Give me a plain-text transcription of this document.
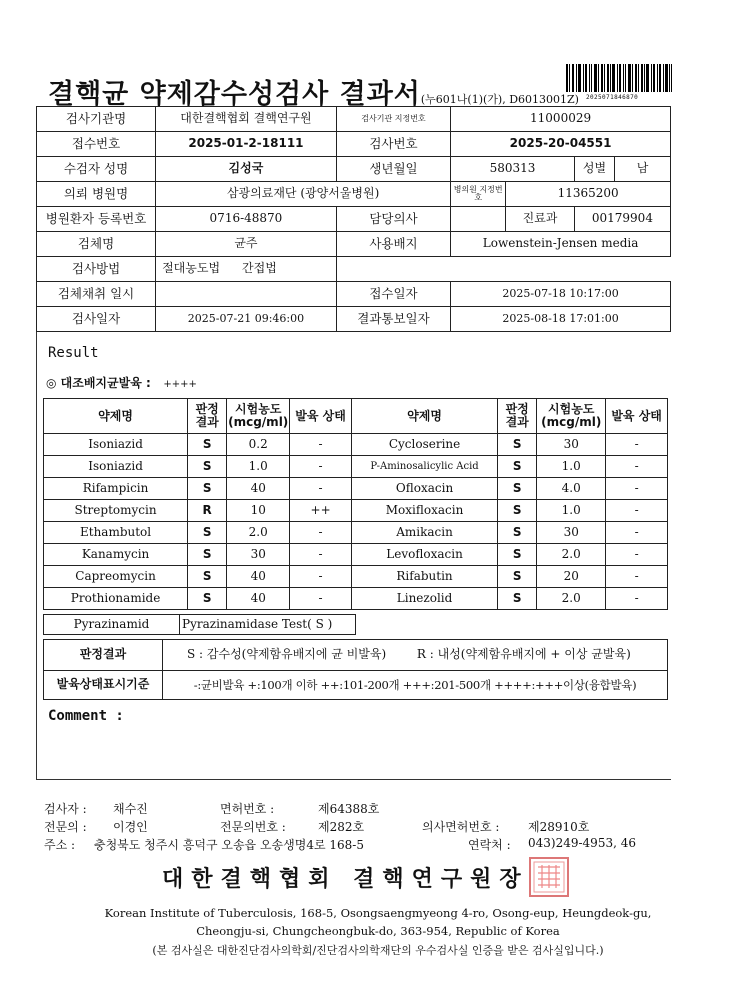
결핵균 약제감수성검사 결과서(누601나(1)(가), D6013001Z) 2025071846870
검사기관명	대한결핵협회 결핵연구원	검사기관 지정번호	11000029			
접수번호	2025-01-2-18111	검사번호	2025-20-04551			
수검자 성명	김성국	생년월일	580313		성별	남
의뢰 병원명	삼광의료재단 (광양서울병원)		병의원 지정번호	11365200		
병원환자 등록번호	0716-48870	담당의사		진료과	00179904	
검체명	균주	사용배지	Lowenstein-Jensen media			
검사방법	절대농도법 간접법					
검체채취 일시		접수일자	2025-07-18 10:17:00			
검사일자	2025-07-21 09:46:00	결과통보일자	2025-08-18 17:01:00			
Result
◎ 대조배지균발육 : ++++
약제명	판정 결과	시험농도 (mcg/ml)	발육 상태	약제명	판정 결과	시험농도 (mcg/ml)	발육 상태
Isoniazid	S	0.2	-	Cycloserine	S	30	-
Isoniazid	S	1.0	-	P-Aminosalicylic Acid	S	1.0	-
Rifampicin	S	40	-	Ofloxacin	S	4.0	-
Streptomycin	R	10	++	Moxifloxacin	S	1.0	-
Ethambutol	S	2.0	-	Amikacin	S	30	-
Kanamycin	S	30	-	Levofloxacin	S	2.0	-
Capreomycin	S	40	-	Rifabutin	S	20	-
Prothionamide	S	40	-	Linezolid	S	2.0	-
Pyrazinamid	Pyrazinamidase Test( S )
판정결과	S : 감수성(약제함유배지에 균 비발육)	R : 내성(약제함유배지에 + 이상 균발육)
발육상태표시기준	-:균비발육 +:100개 이하 ++:101-200개 +++:201-500개 ++++:+++이상(융합발육)	
Comment :
검사자 : 채수진	면허번호 :	제64388호
전문의 : 이경인	전문의번호 :	제282호	의사면허번호 : 제28910호
주소 : 충청북도 청주시 흥덕구 오송읍 오송생명4로 168-5	연락처 : 043)249-4953, 46
대한결핵협회 결핵연구원장
Korean Institute of Tuberculosis, 168-5, Osongsaengmyeong 4-ro, Osong-eup, Heungdeok-gu,
Cheongju-si, Chungcheongbuk-do, 363-954, Republic of Korea
(본 검사실은 대한진단검사의학회/진단검사의학재단의 우수검사실 인증을 받은 검사실입니다.)
